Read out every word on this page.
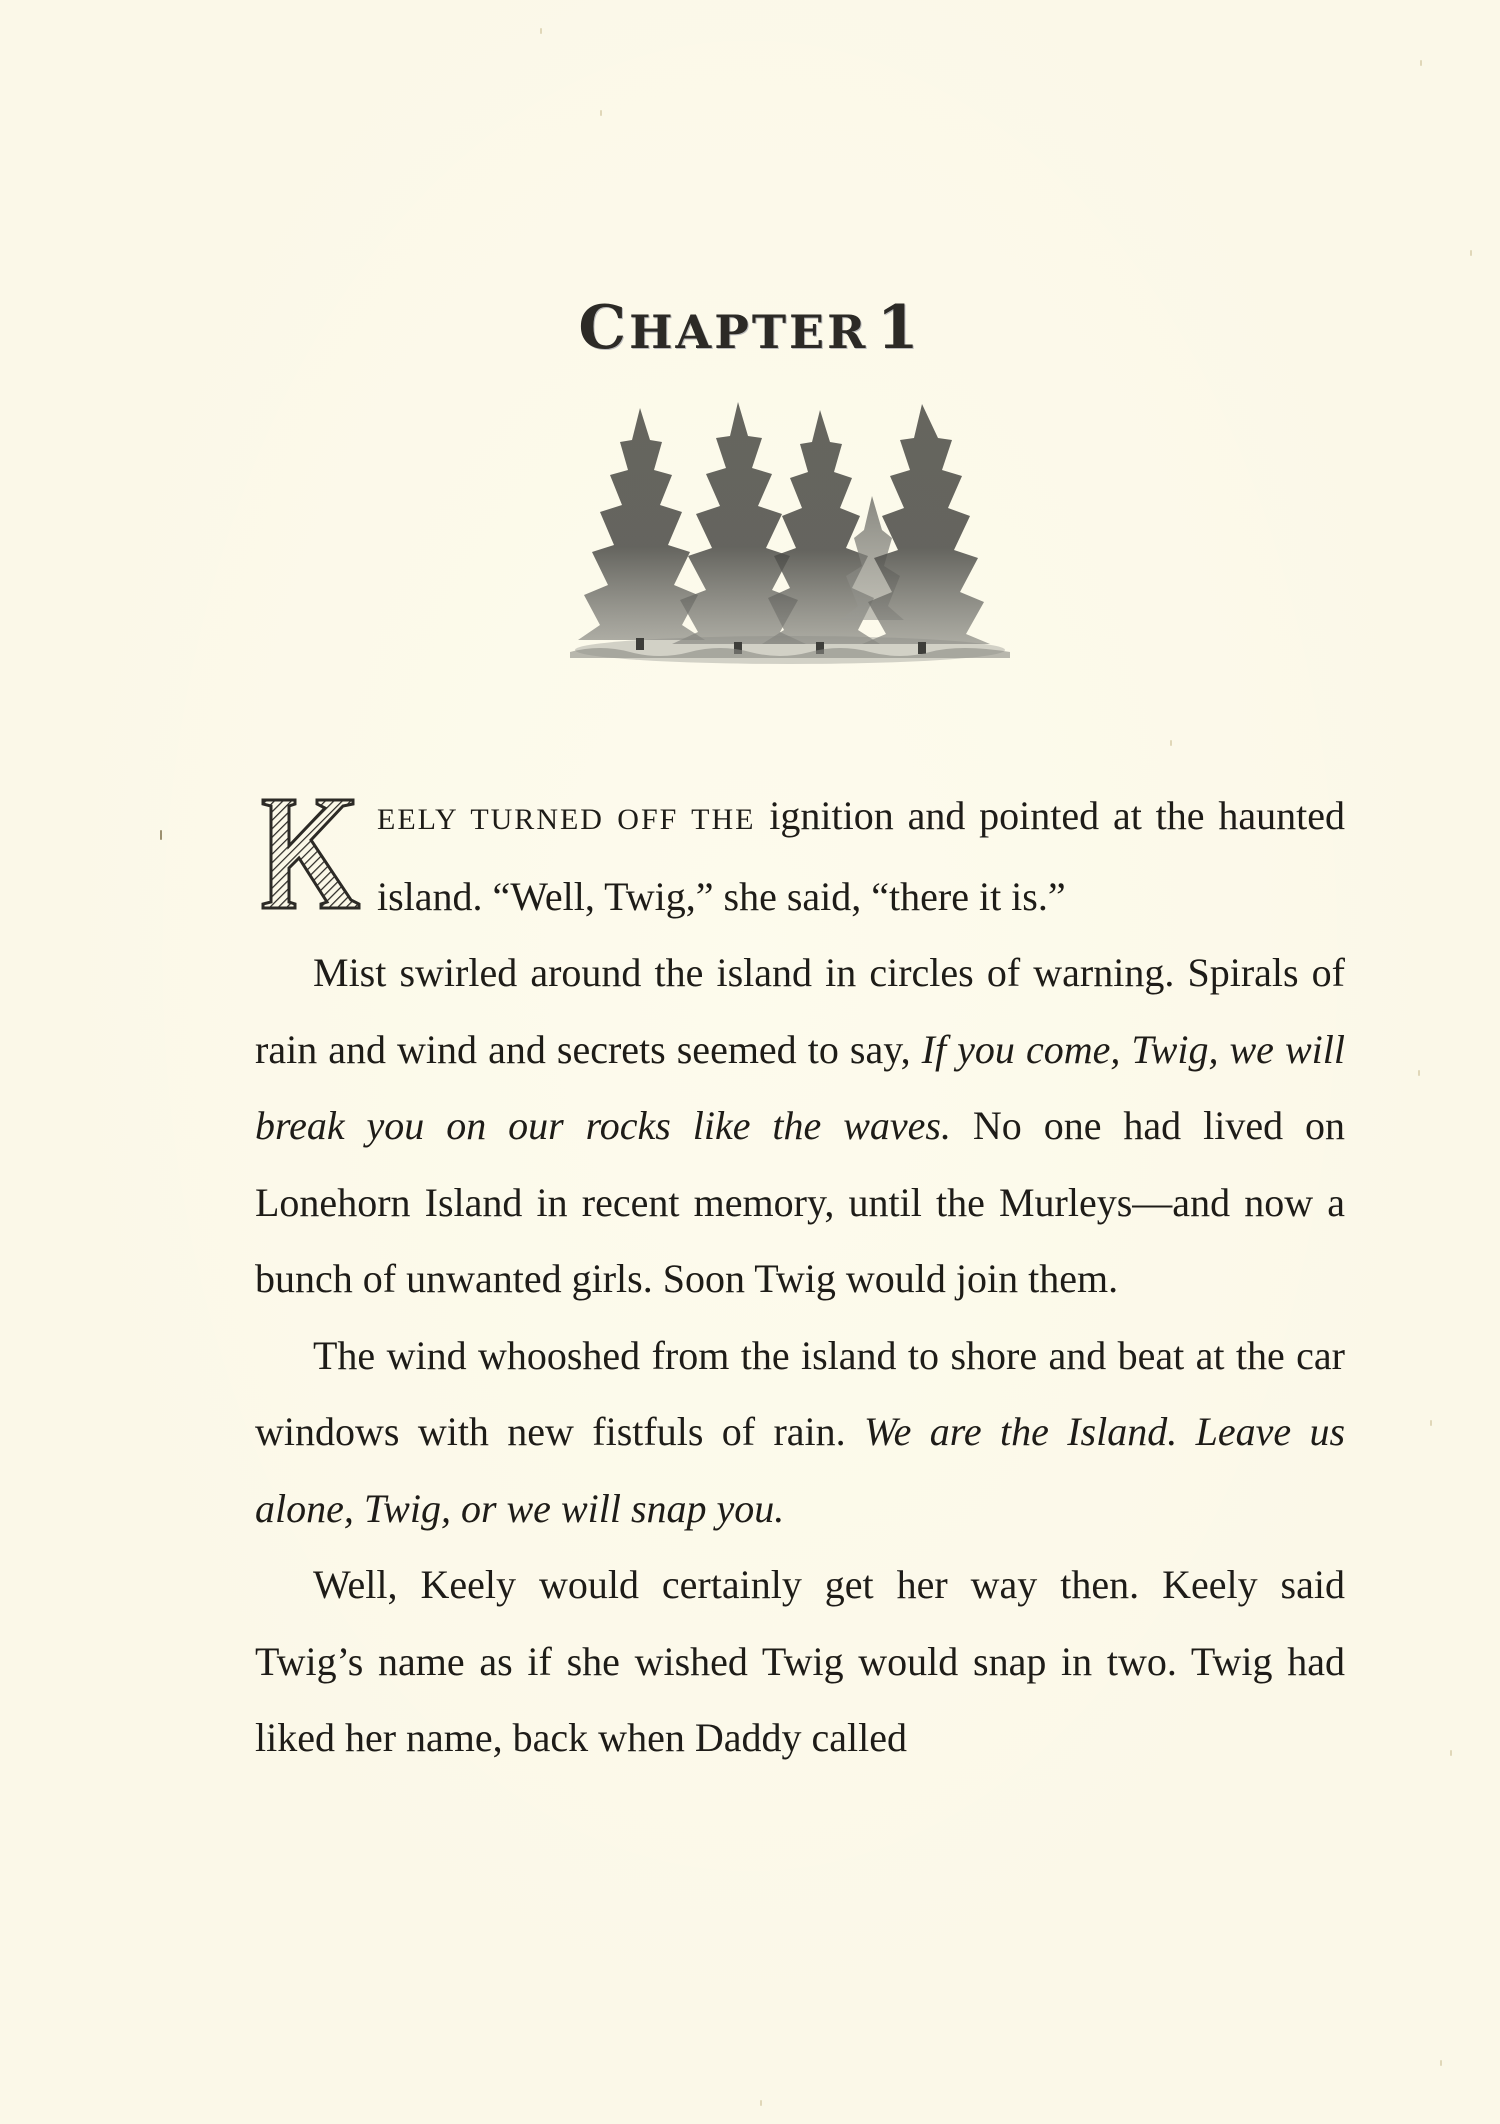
CHAPTER 1

EELY TURNED OFF THE ignition and pointed at the haunted island. “Well, Twig,” she said, “there it is.”

Mist swirled around the island in circles of warning. Spirals of rain and wind and secrets seemed to say, If you come, Twig, we will break you on our rocks like the waves. No one had lived on Lonehorn Island in recent memory, until the Murleys—and now a bunch of unwanted girls. Soon Twig would join them.

The wind whooshed from the island to shore and beat at the car windows with new fistfuls of rain. We are the Island. Leave us alone, Twig, or we will snap you.

Well, Keely would certainly get her way then. Keely said Twig’s name as if she wished Twig would snap in two. Twig had liked her name, back when Daddy called
